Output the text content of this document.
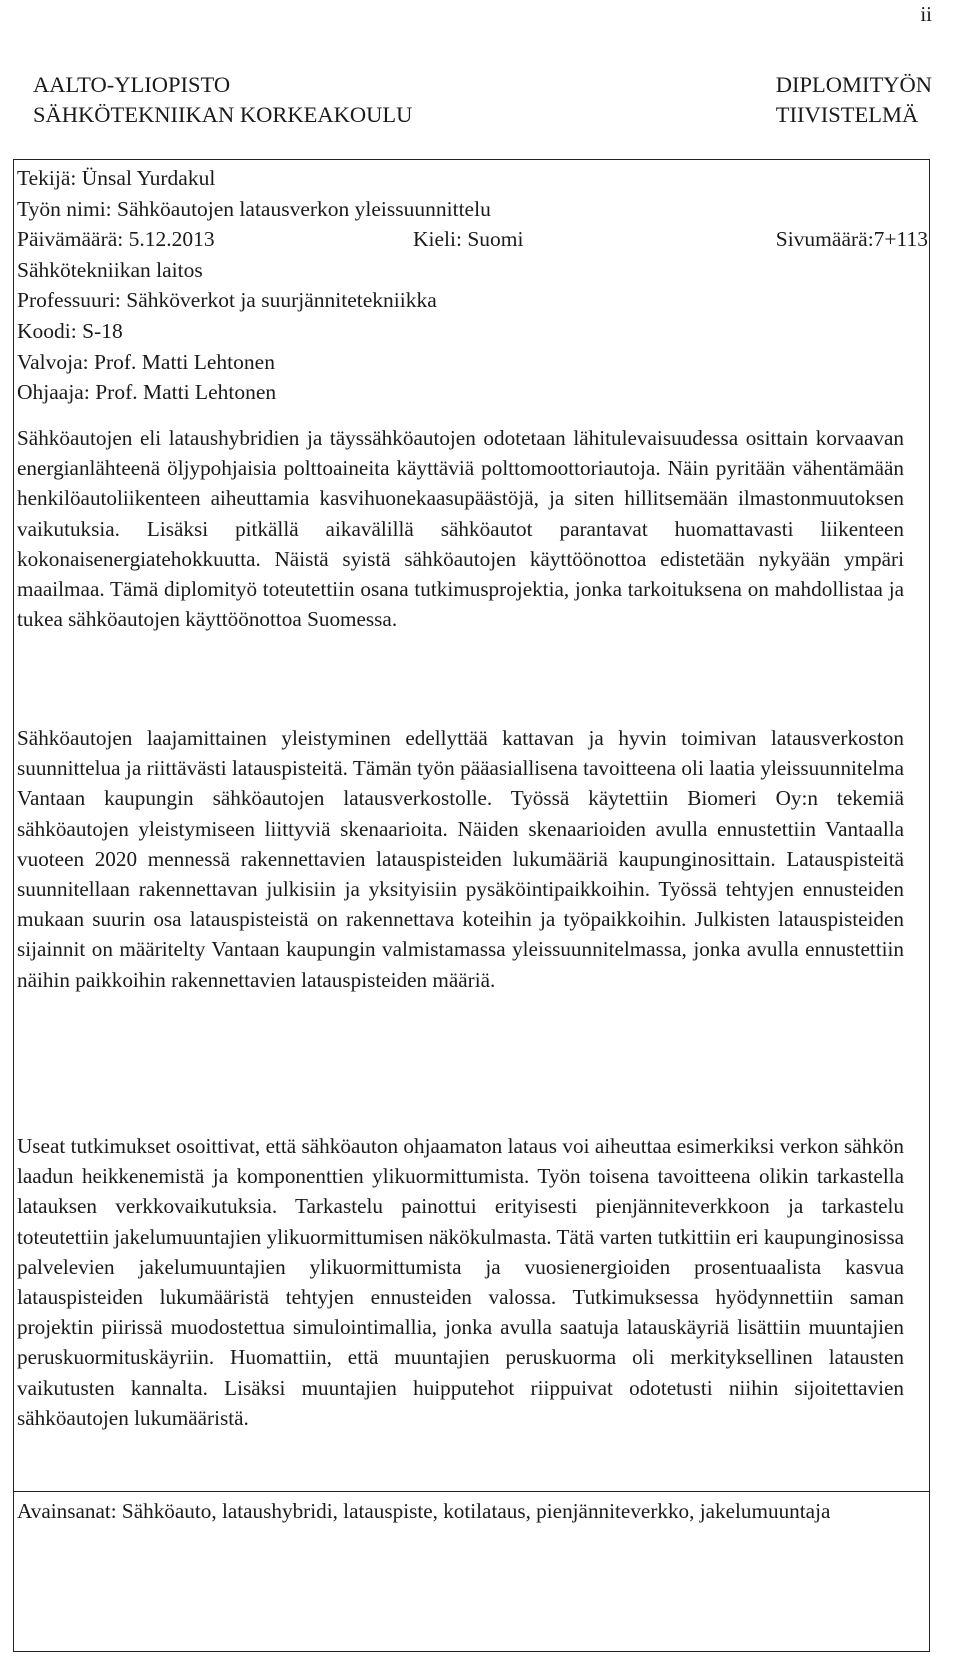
ii
AALTO-YLIOPISTO
SÄHKÖTEKNIIKAN KORKEAKOULU
DIPLOMITYÖN
TIIVISTELMÄ
Tekijä: Ünsal Yurdakul
Työn nimi: Sähköautojen latausverkon yleissuunnittelu
Päivämäärä: 5.12.2013	Kieli: Suomi	Sivumäärä:7+113
Sähkötekniikan laitos
Professuuri: Sähköverkot ja suurjännitetekniikka
Koodi: S-18
Valvoja: Prof. Matti Lehtonen
Ohjaaja: Prof. Matti Lehtonen

Sähköautojen eli lataushybridien ja täyssähköautojen odotetaan lähitulevaisuudessa osittain korvaavan energianlähteenä öljypohjaisia polttoaineita käyttäviä polttomoottoriautoja. Näin pyritään vähentämään henkilöautoliikenteen aiheuttamia kasvihuonekaasupäästöjä, ja siten hillitsemään ilmastonmuutoksen vaikutuksia. Lisäksi pitkällä aikavälillä sähköautot parantavat huomattavasti liikenteen kokonaisenergiatehokkuutta. Näistä syistä sähköautojen käyttöönottoa edistetään nykyään ympäri maailmaa. Tämä diplomityö toteutettiin osana tutkimusprojektia, jonka tarkoituksena on mahdollistaa ja tukea sähköautojen käyttöönottoa Suomessa.

Sähköautojen laajamittainen yleistyminen edellyttää kattavan ja hyvin toimivan latausverkoston suunnittelua ja riittävästi latauspisteitä. Tämän työn pääasiallisena tavoitteena oli laatia yleissuunnitelma Vantaan kaupungin sähköautojen latausverkostolle. Työssä käytettiin Biomeri Oy:n tekemiä sähköautojen yleistymiseen liittyviä skenaarioita. Näiden skenaarioiden avulla ennustettiin Vantaalla vuoteen 2020 mennessä rakennettavien latauspisteiden lukumääriä kaupunginosittain. Latauspisteitä suunnitellaan rakennettavan julkisiin ja yksityisiin pysäköintipaikkoihin. Työssä tehtyjen ennusteiden mukaan suurin osa latauspisteistä on rakennettava koteihin ja työpaikkoihin. Julkisten latauspisteiden sijainnit on määritelty Vantaan kaupungin valmistamassa yleissuunnitelmassa, jonka avulla ennustettiin näihin paikkoihin rakennettavien latauspisteiden määriä.

Useat tutkimukset osoittivat, että sähköauton ohjaamaton lataus voi aiheuttaa esimerkiksi verkon sähkön laadun heikkenemistä ja komponenttien ylikuormittumista. Työn toisena tavoitteena olikin tarkastella latauksen verkkovaikutuksia. Tarkastelu painottui erityisesti pienjänniteverkkoon ja tarkastelu toteutettiin jakelumuuntajien ylikuormittumisen näkökulmasta. Tätä varten tutkittiin eri kaupunginosissa palvelevien jakelumuuntajien ylikuormittumista ja vuosienergioiden prosentuaalista kasvua latauspisteiden lukumääristä tehtyjen ennusteiden valossa. Tutkimuksessa hyödynnettiin saman projektin piirissä muodostettua simulointimallia, jonka avulla saatuja latauskäyriä lisättiin muuntajien peruskuormituskäyriin. Huomattiin, että muuntajien peruskuorma oli merkityksellinen latausten vaikutusten kannalta. Lisäksi muuntajien huipputehot riippuivat odotetusti niihin sijoitettavien sähköautojen lukumääristä.

Avainsanat: Sähköauto, lataushybridi, latauspiste, kotilataus, pienjänniteverkko, jakelumuuntaja
